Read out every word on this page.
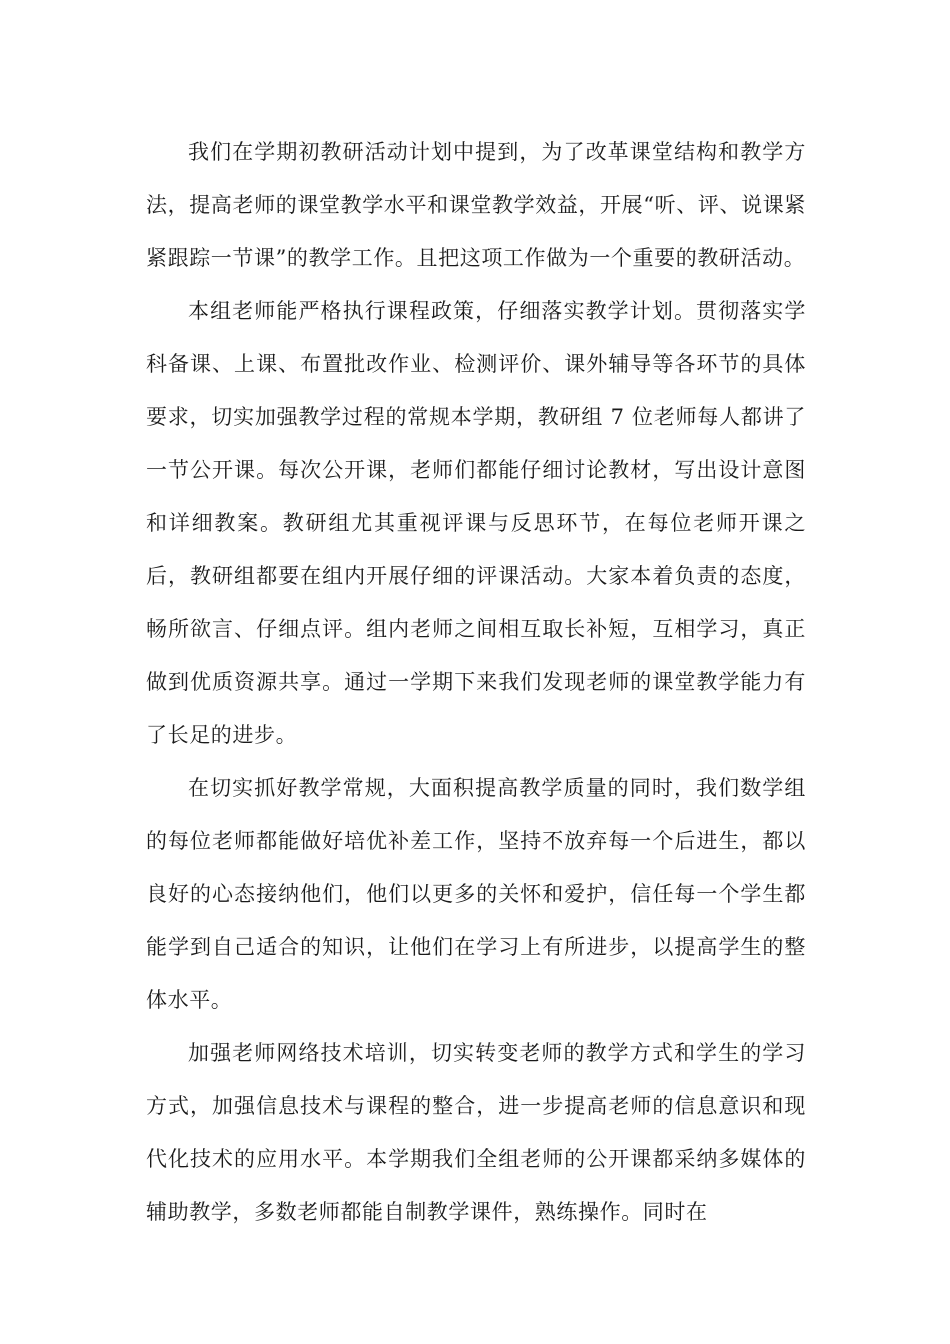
我们在学期初教研活动计划中提到，为了改革课堂结构和教学方法，提高老师的课堂教学水平和课堂教学效益，开展“听、评、说课紧紧跟踪一节课”的教学工作。且把这项工作做为一个重要的教研活动。

本组老师能严格执行课程政策，仔细落实教学计划。贯彻落实学科备课、上课、布置批改作业、检测评价、课外辅导等各环节的具体要求，切实加强教学过程的常规本学期，教研组 7 位老师每人都讲了一节公开课。每次公开课，老师们都能仔细讨论教材，写出设计意图和详细教案。教研组尤其重视评课与反思环节，在每位老师开课之后，教研组都要在组内开展仔细的评课活动。大家本着负责的态度，畅所欲言、仔细点评。组内老师之间相互取长补短，互相学习，真正做到优质资源共享。通过一学期下来我们发现老师的课堂教学能力有了长足的进步。

在切实抓好教学常规，大面积提高教学质量的同时，我们数学组的每位老师都能做好培优补差工作，坚持不放弃每一个后进生，都以良好的心态接纳他们，他们以更多的关怀和爱护，信任每一个学生都能学到自己适合的知识，让他们在学习上有所进步，以提高学生的整体水平。

加强老师网络技术培训，切实转变老师的教学方式和学生的学习方式，加强信息技术与课程的整合，进一步提高老师的信息意识和现代化技术的应用水平。本学期我们全组老师的公开课都采纳多媒体的辅助教学，多数老师都能自制教学课件，熟练操作。同时在
